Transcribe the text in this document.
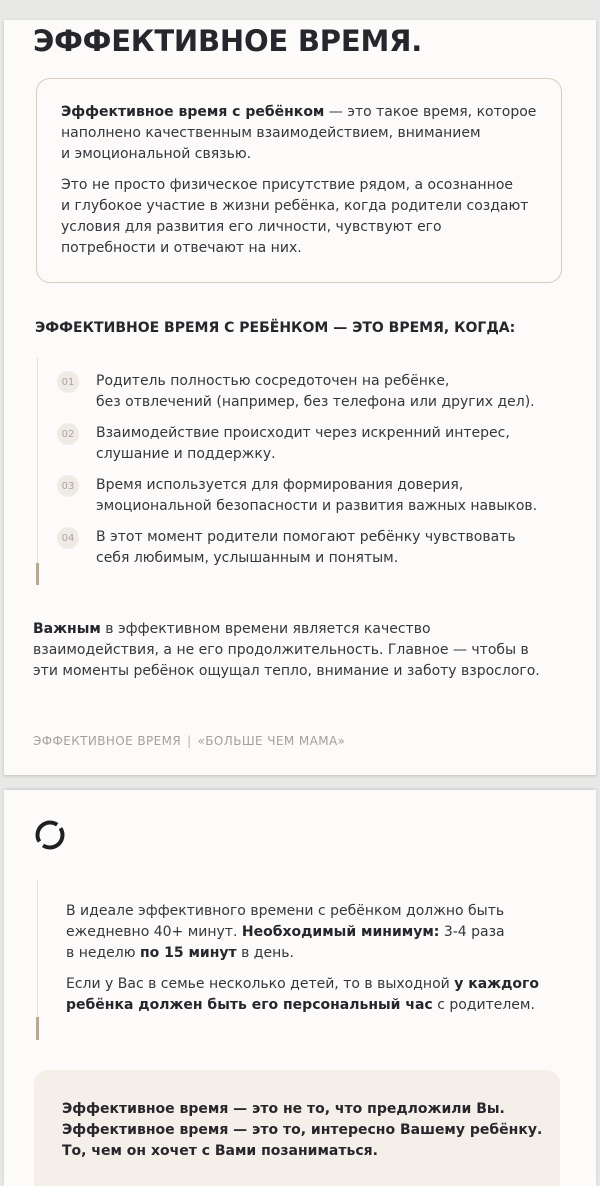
ЭФФЕКТИВНОЕ ВРЕМЯ.

Эффективное время с ребёнком — это такое время, которое
наполнено качественным взаимодействием, вниманием
и эмоциональной связью.

Это не просто физическое присутствие рядом, а осознанное
и глубокое участие в жизни ребёнка, когда родители создают
условия для развития его личности, чувствуют его
потребности и отвечают на них.

ЭФФЕКТИВНОЕ ВРЕМЯ С РЕБЁНКОМ — ЭТО ВРЕМЯ, КОГДА:
01	Родитель полностью сосредоточен на ребёнке,
без отвлечений (например, без телефона или других дел).

02	Взаимодействие происходит через искренний интерес,
слушание и поддержку.

03	Время используется для формирования доверия,
эмоциональной безопасности и развития важных навыков.

04	В этот момент родители помогают ребёнку чувствовать
себя любимым, услышанным и понятым.

Важным в эффективном времени является качество
взаимодействия, а не его продолжительность. Главное — чтобы в
эти моменты ребёнок ощущал тепло, внимание и заботу взрослого.

ЭФФЕКТИВНОЕ ВРЕМЯ | «БОЛЬШЕ ЧЕМ МАМА»

В идеале эффективного времени с ребёнком должно быть
ежедневно 40+ минут. Необходимый минимум: 3-4 раза
в неделю по 15 минут в день.

Если у Вас в семье несколько детей, то в выходной у каждого
ребёнка должен быть его персональный час с родителем.

Эффективное время — это не то, что предложили Вы.
Эффективное время — это то, интересно Вашему ребёнку.
То, чем он хочет с Вами позаниматься.
